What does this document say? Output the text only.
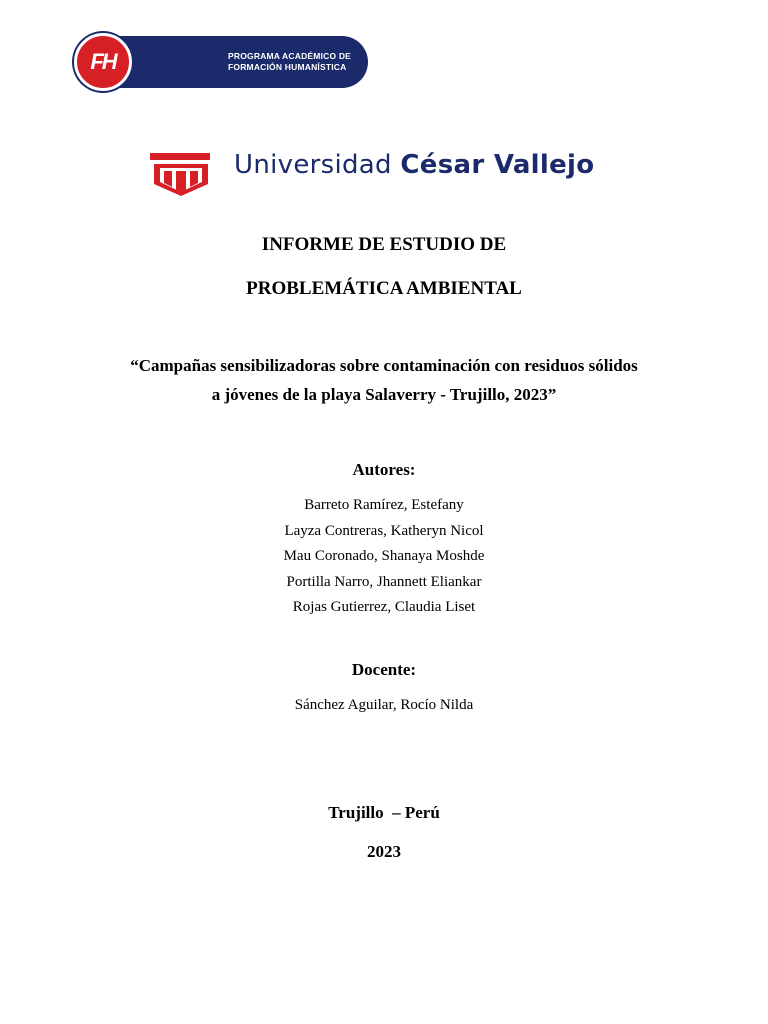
PROGRAMA ACADÉMICO DE
FORMACIÓN HUMANÍSTICA
FH
Universidad César Vallejo
INFORME DE ESTUDIO DE
PROBLEMÁTICA AMBIENTAL
“Campañas sensibilizadoras sobre contaminación con residuos sólidos
a jóvenes de la playa Salaverry - Trujillo, 2023”
Autores:
Barreto Ramírez, Estefany
Layza Contreras, Katheryn Nicol
Mau Coronado, Shanaya Moshde
Portilla Narro, Jhannett Eliankar
Rojas Gutierrez, Claudia Liset
Docente:
Sánchez Aguilar, Rocío Nilda
Trujillo  – Perú
2023
